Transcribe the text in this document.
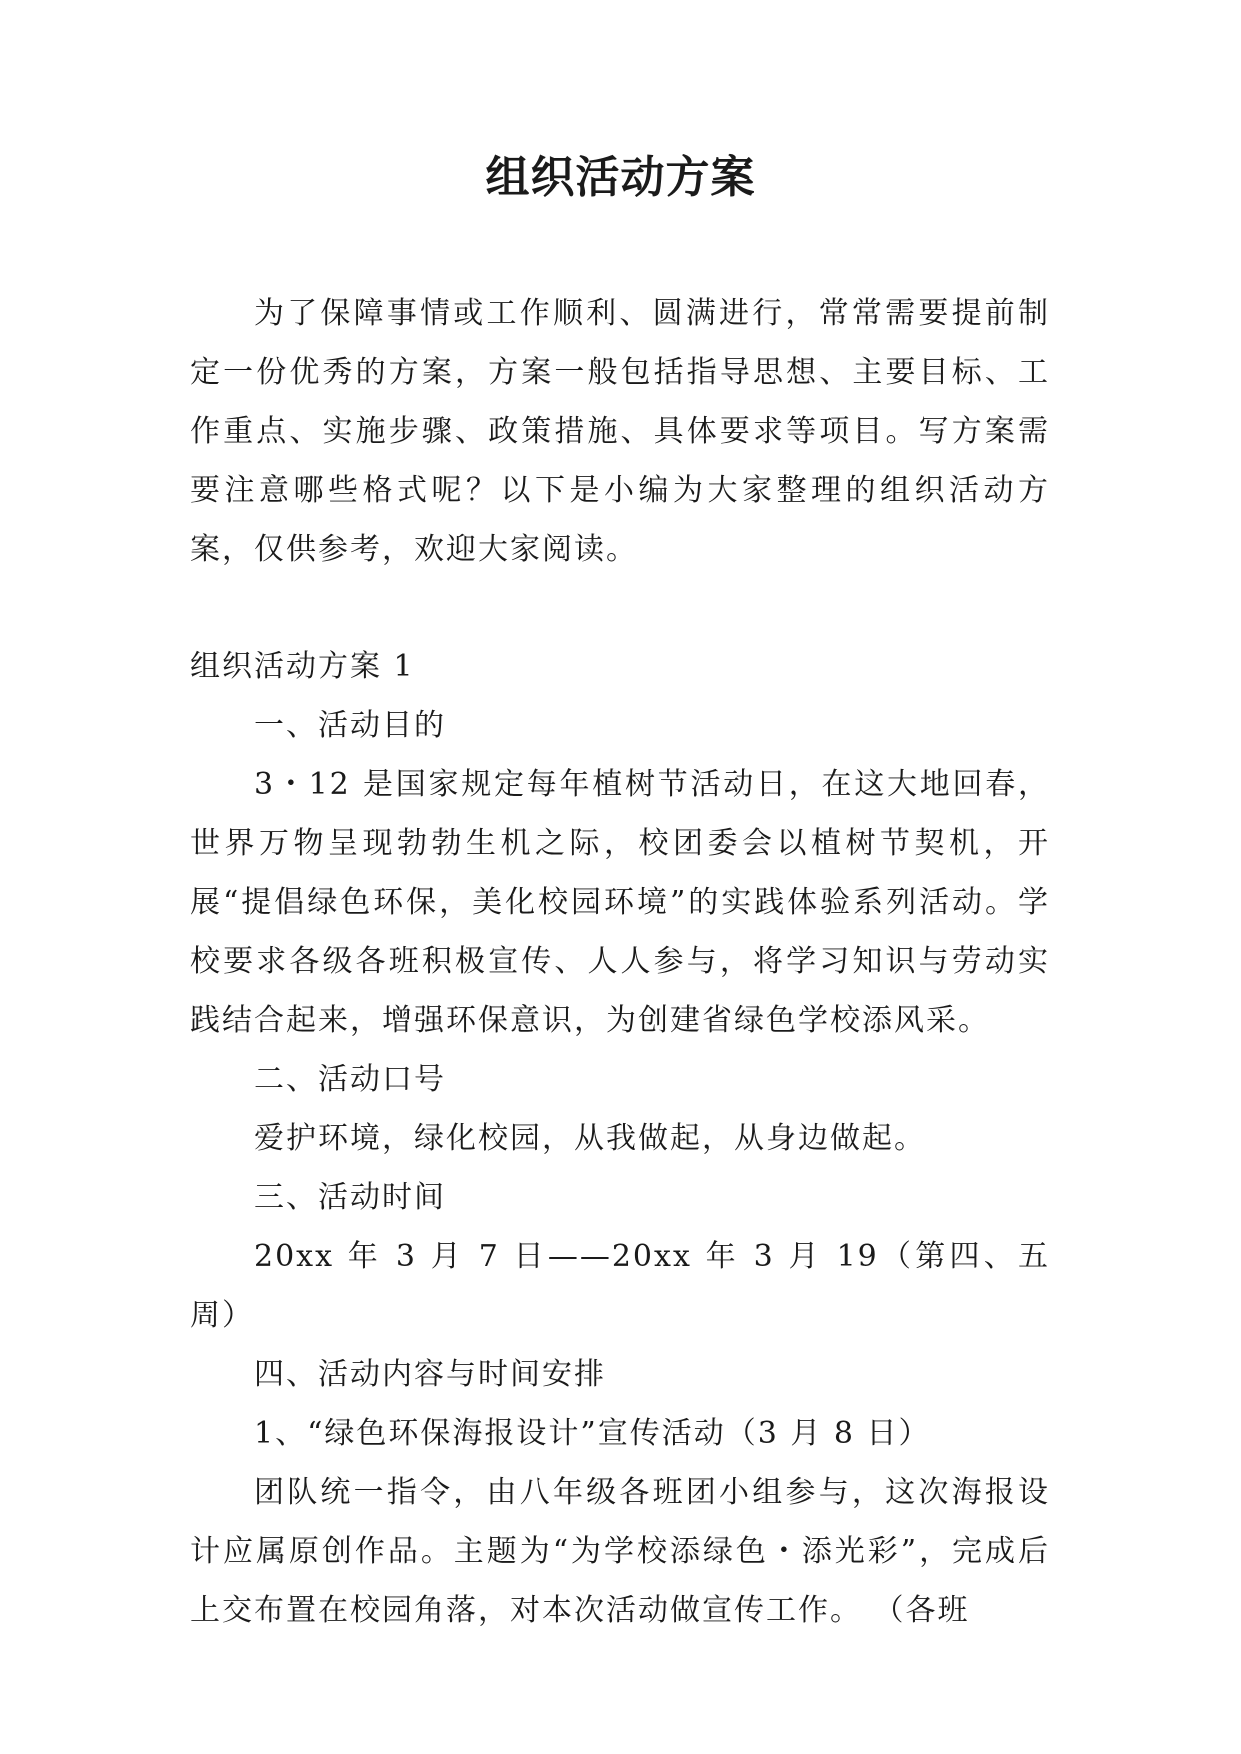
组织活动方案

为了保障事情或工作顺利、圆满进行，常常需要提前制定一份优秀的方案，方案一般包括指导思想、主要目标、工作重点、实施步骤、政策措施、具体要求等项目。写方案需要注意哪些格式呢？以下是小编为大家整理的组织活动方案，仅供参考，欢迎大家阅读。

组织活动方案 1

一、活动目的

3・12 是国家规定每年植树节活动日，在这大地回春，世界万物呈现勃勃生机之际，校团委会以植树节契机，开展“提倡绿色环保，美化校园环境”的实践体验系列活动。学校要求各级各班积极宣传、人人参与，将学习知识与劳动实践结合起来，增强环保意识，为创建省绿色学校添风采。

二、活动口号

爱护环境，绿化校园，从我做起，从身边做起。

三、活动时间

20xx 年 3 月 7 日——20xx 年 3 月 19（第四、五周）

四、活动内容与时间安排

1、“绿色环保海报设计”宣传活动（3 月 8 日）

团队统一指令，由八年级各班团小组参与，这次海报设计应属原创作品。主题为“为学校添绿色・添光彩”，完成后上交布置在校园角落，对本次活动做宣传工作。 （各班
